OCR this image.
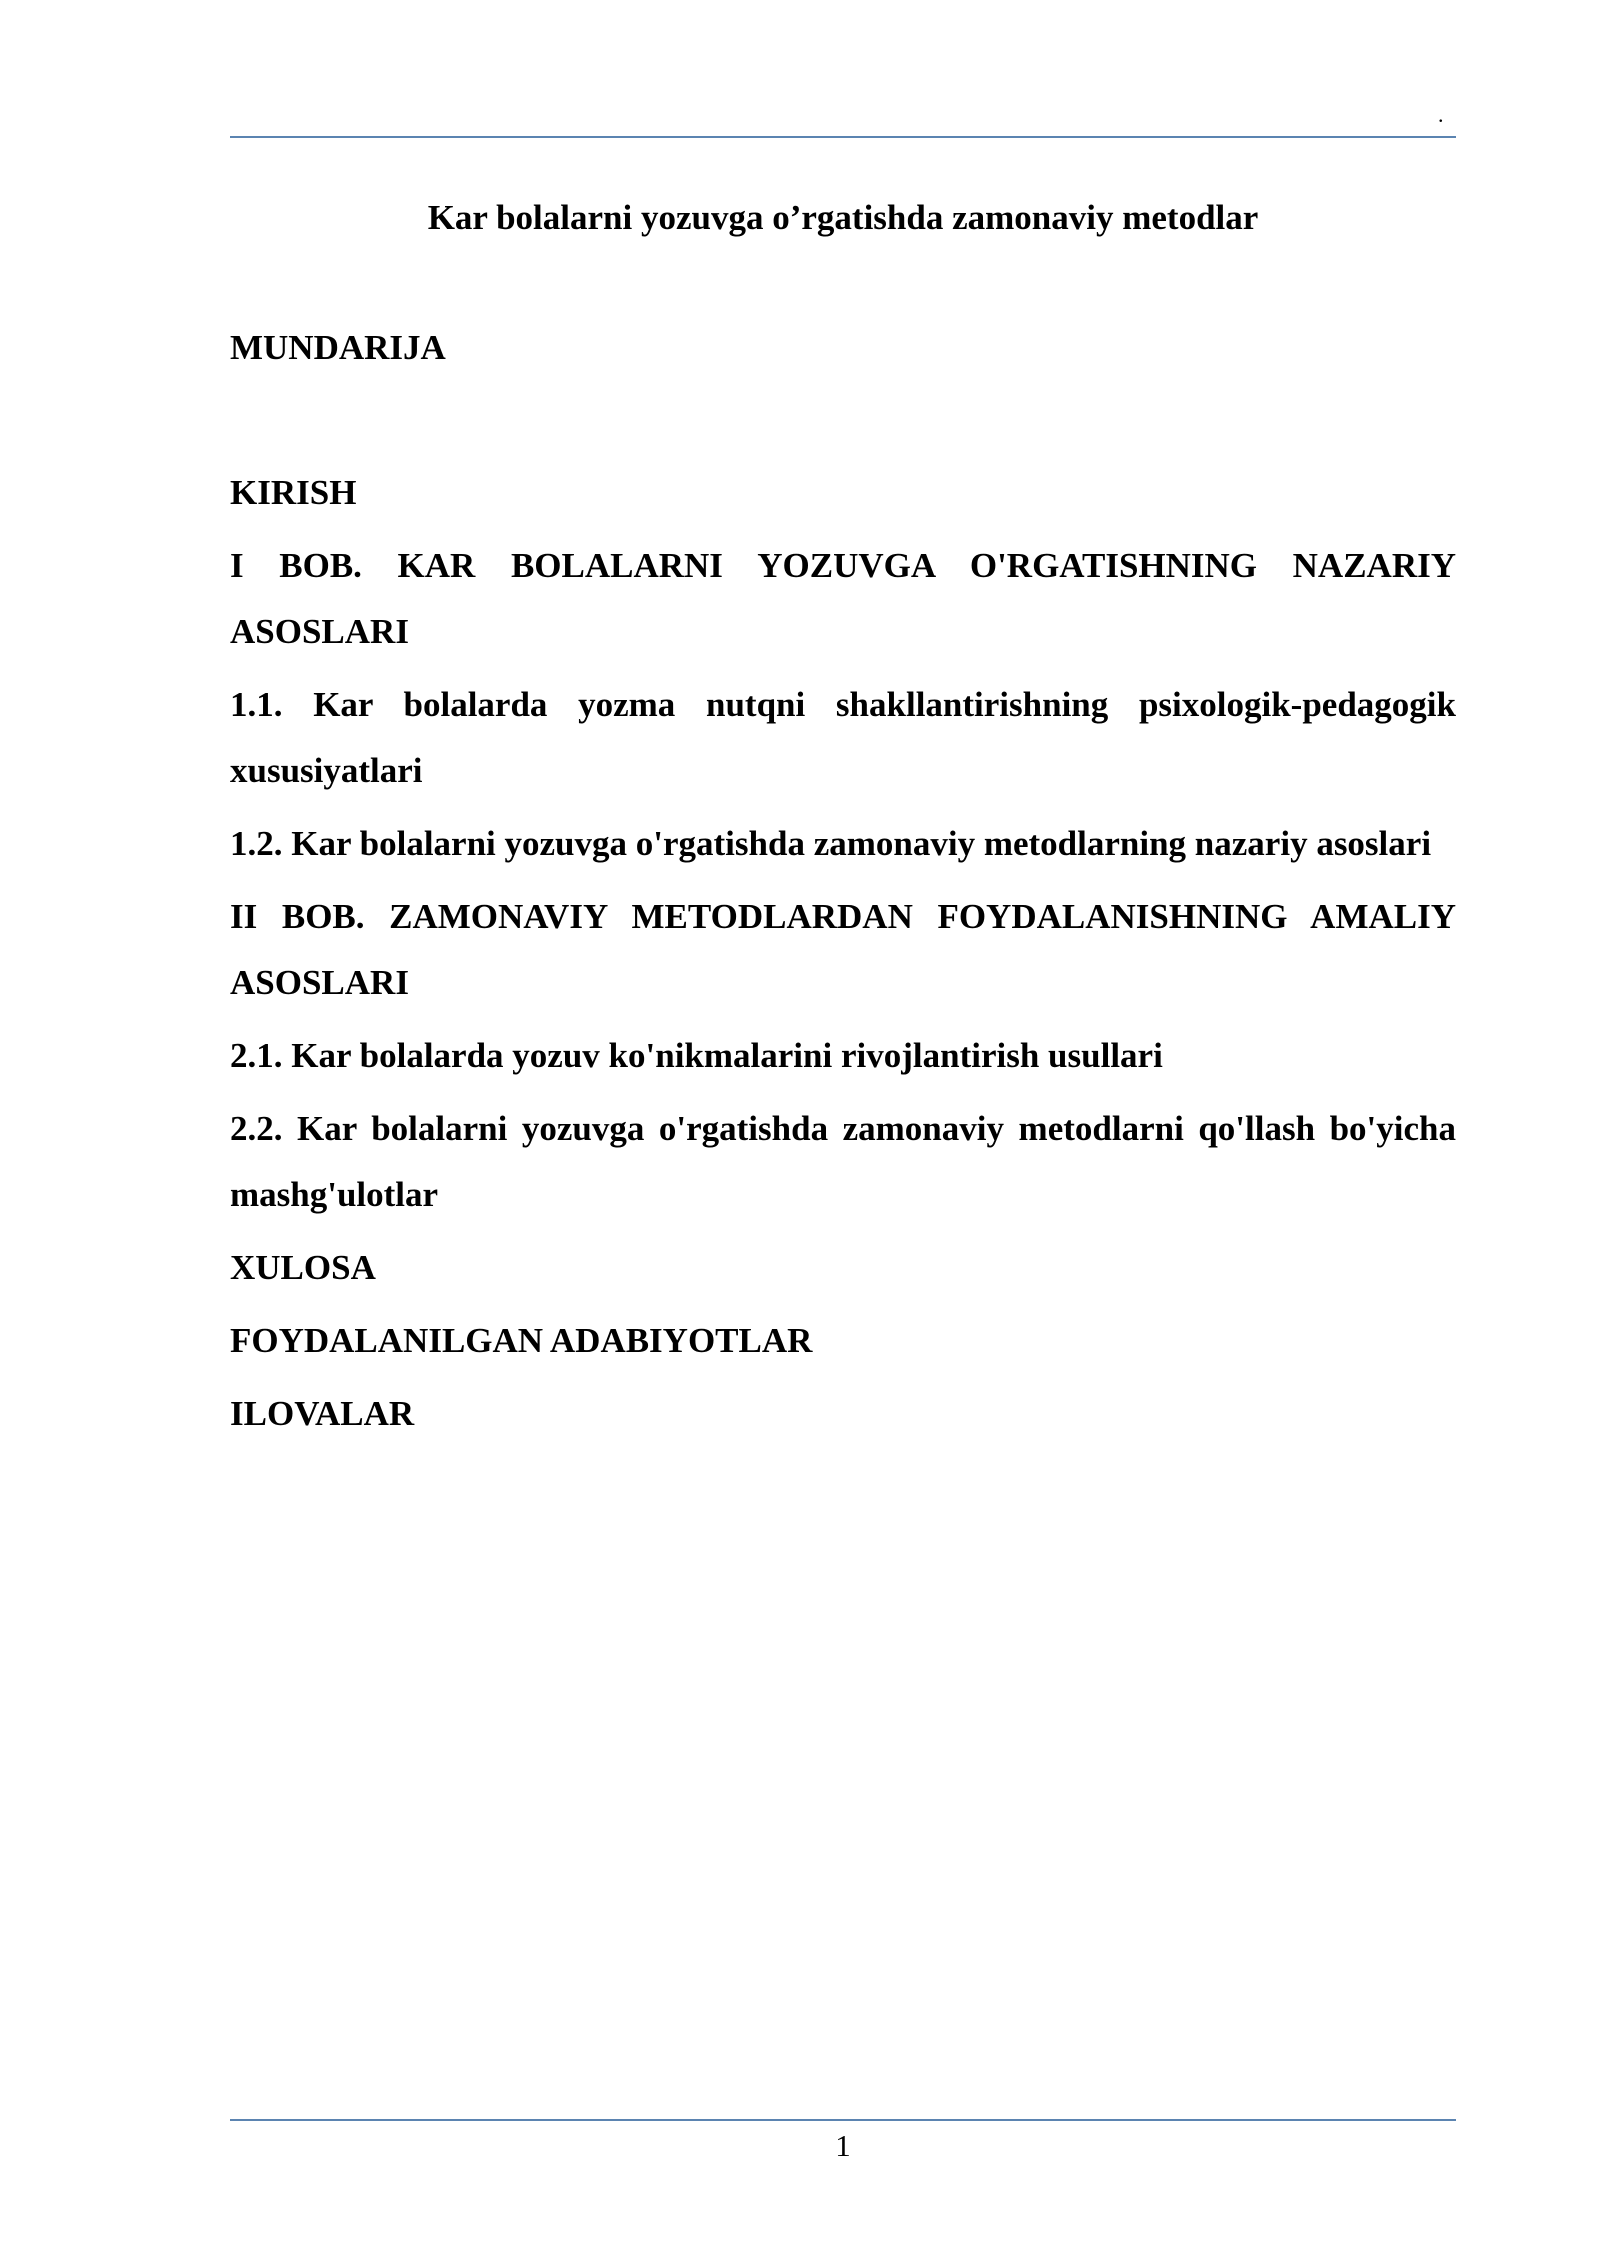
.
Kar bolalarni yozuvga o’rgatishda zamonaviy metodlar
MUNDARIJA
KIRISH
I BOB. KAR BOLALARNI YOZUVGA O'RGATISHNING NAZARIY ASOSLARI
1.1. Kar bolalarda yozma nutqni shakllantirishning psixologik-pedagogik xususiyatlari
1.2. Kar bolalarni yozuvga o'rgatishda zamonaviy metodlarning nazariy asoslari
II BOB. ZAMONAVIY METODLARDAN FOYDALANISHNING AMALIY ASOSLARI
2.1. Kar bolalarda yozuv ko'nikmalarini rivojlantirish usullari
2.2. Kar bolalarni yozuvga o'rgatishda zamonaviy metodlarni qo'llash bo'yicha mashg'ulotlar
XULOSA
FOYDALANILGAN ADABIYOTLAR
ILOVALAR
1
